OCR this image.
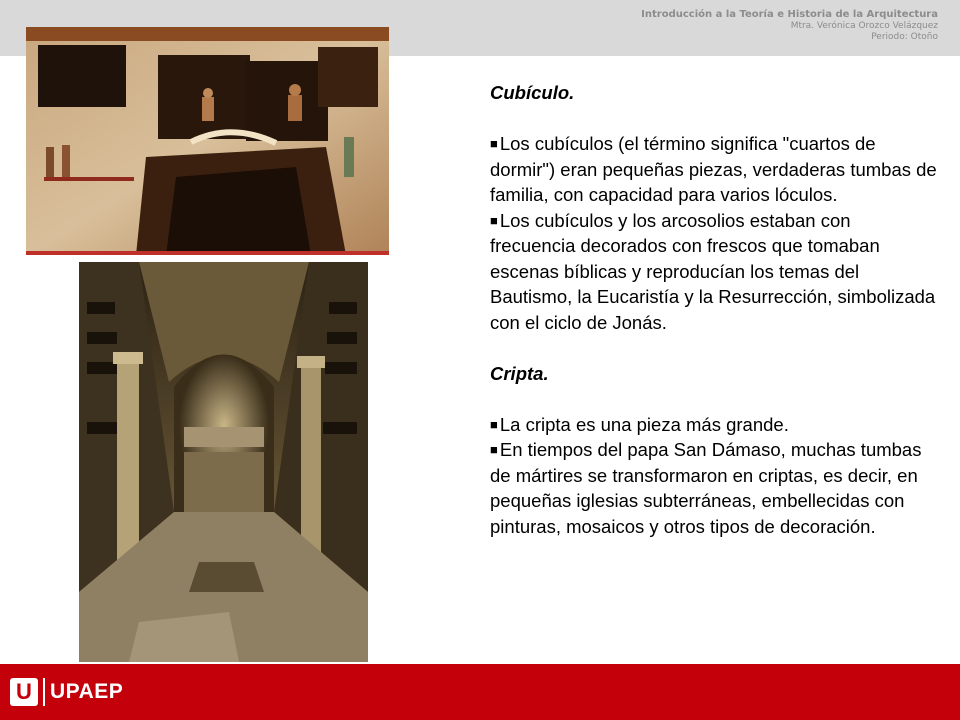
Introducción a la Teoría e Historia de la Arquitectura
Mtra. Verónica Orozco Velázquez
Periodo: Otoño
Cubículo.
■ Los cubículos (el término significa "cuartos de dormir") eran pequeñas piezas, verdaderas tumbas de familia, con capacidad para varios lóculos.
■ Los cubículos y los arcosolios estaban con frecuencia decorados con frescos que tomaban escenas bíblicas y reproducían los temas del Bautismo, la Eucaristía y la Resurrección, simbolizada con el ciclo de Jonás.
Cripta.
■ La cripta es una pieza más grande.
■ En tiempos del papa San Dámaso, muchas tumbas de mártires se transformaron en criptas, es decir, en pequeñas iglesias subterráneas, embellecidas con pinturas, mosaicos y otros tipos de decoración.
U UPAEP
